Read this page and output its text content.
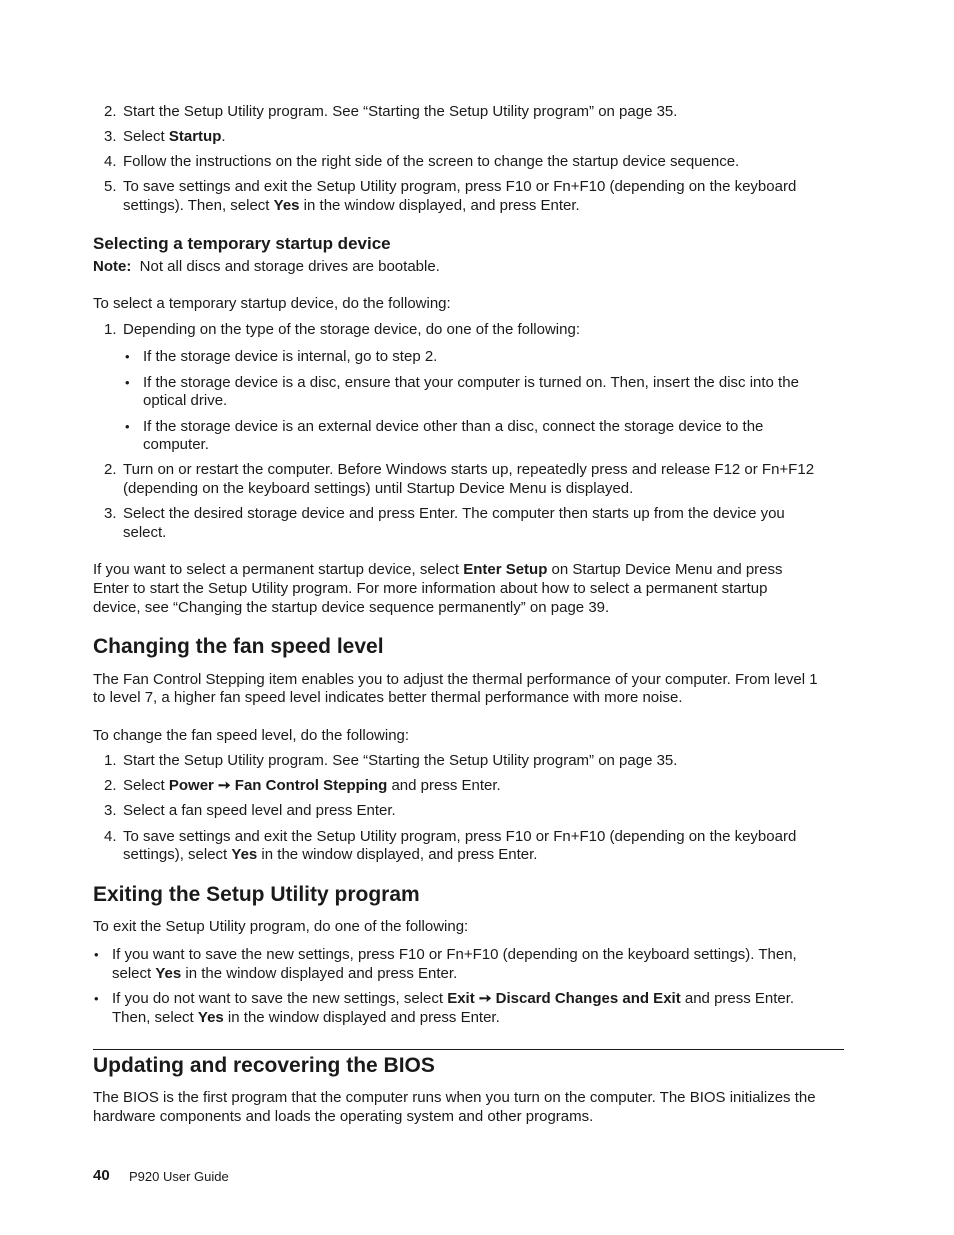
2. Start the Setup Utility program. See “Starting the Setup Utility program” on page 35.
3. Select Startup.
4. Follow the instructions on the right side of the screen to change the startup device sequence.
5. To save settings and exit the Setup Utility program, press F10 or Fn+F10 (depending on the keyboard
settings). Then, select Yes in the window displayed, and press Enter.
Selecting a temporary startup device
Note: Not all discs and storage drives are bootable.
To select a temporary startup device, do the following:
1. Depending on the type of the storage device, do one of the following:
• If the storage device is internal, go to step 2.
• If the storage device is a disc, ensure that your computer is turned on. Then, insert the disc into the
optical drive.
• If the storage device is an external device other than a disc, connect the storage device to the
computer.
2. Turn on or restart the computer. Before Windows starts up, repeatedly press and release F12 or Fn+F12
(depending on the keyboard settings) until Startup Device Menu is displayed.
3. Select the desired storage device and press Enter. The computer then starts up from the device you
select.
If you want to select a permanent startup device, select Enter Setup on Startup Device Menu and press
Enter to start the Setup Utility program. For more information about how to select a permanent startup
device, see “Changing the startup device sequence permanently” on page 39.
Changing the fan speed level
The Fan Control Stepping item enables you to adjust the thermal performance of your computer. From level 1
to level 7, a higher fan speed level indicates better thermal performance with more noise.
To change the fan speed level, do the following:
1. Start the Setup Utility program. See “Starting the Setup Utility program” on page 35.
2. Select Power ➙ Fan Control Stepping and press Enter.
3. Select a fan speed level and press Enter.
4. To save settings and exit the Setup Utility program, press F10 or Fn+F10 (depending on the keyboard
settings), select Yes in the window displayed, and press Enter.
Exiting the Setup Utility program
To exit the Setup Utility program, do one of the following:
• If you want to save the new settings, press F10 or Fn+F10 (depending on the keyboard settings). Then,
select Yes in the window displayed and press Enter.
• If you do not want to save the new settings, select Exit ➙ Discard Changes and Exit and press Enter.
Then, select Yes in the window displayed and press Enter.
Updating and recovering the BIOS
The BIOS is the first program that the computer runs when you turn on the computer. The BIOS initializes the
hardware components and loads the operating system and other programs.
40 P920 User Guide
